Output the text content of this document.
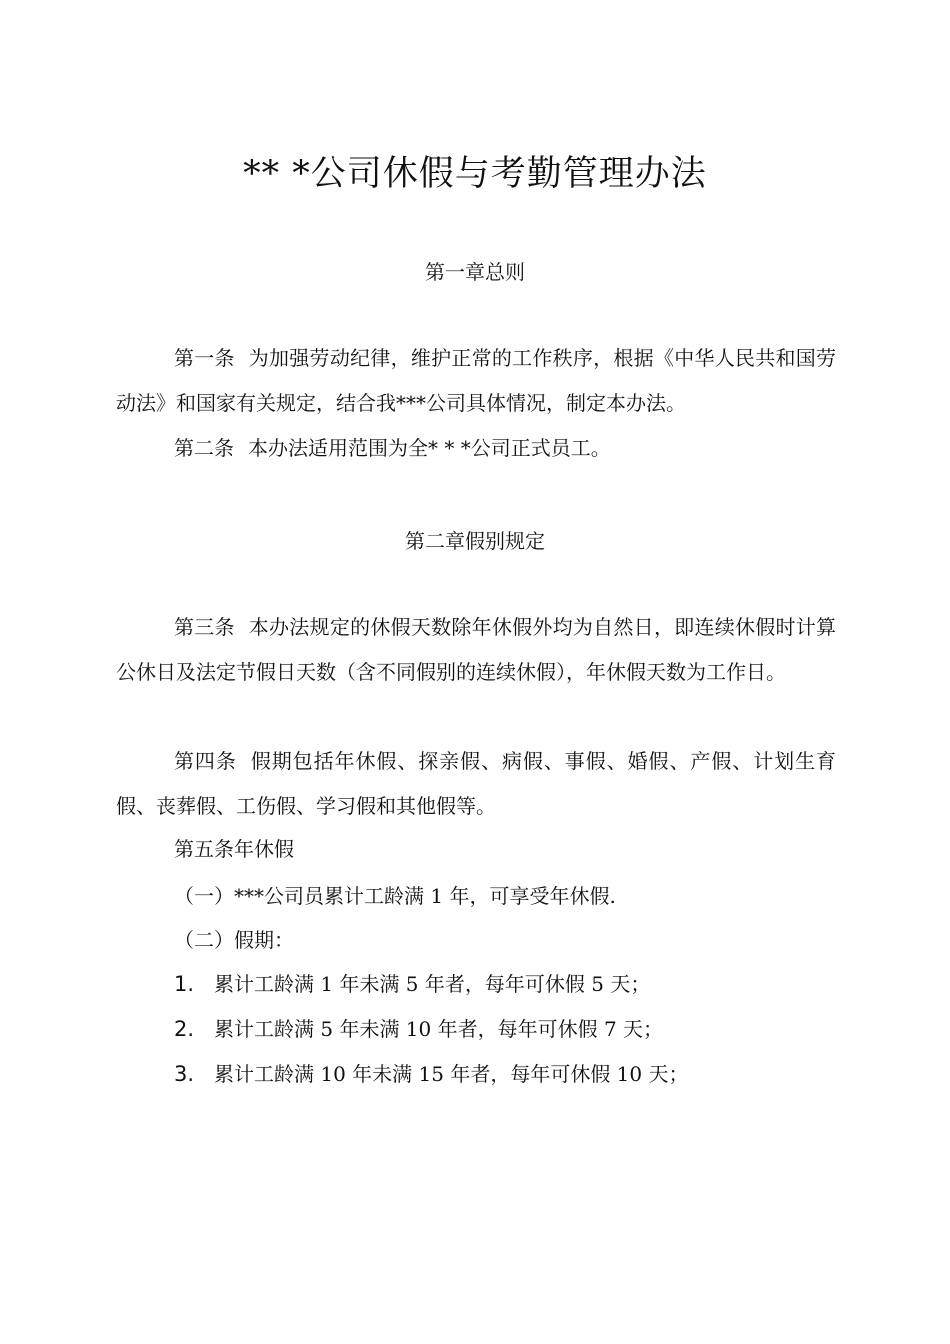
** *公司休假与考勤管理办法
第一章总则
第一条 为加强劳动纪律，维护正常的工作秩序，根据《中华人民共和国劳动法》和国家有关规定，结合我***公司具体情况，制定本办法。
第二条 本办法适用范围为全* * *公司正式员工。
第二章假别规定
第三条 本办法规定的休假天数除年休假外均为自然日，即连续休假时计算公休日及法定节假日天数（含不同假别的连续休假），年休假天数为工作日。
第四条 假期包括年休假、探亲假、病假、事假、婚假、产假、计划生育假、丧葬假、工伤假、学习假和其他假等。
第五条年休假
（一）***公司员累计工龄满 1 年，可享受年休假.
（二）假期：
1. 累计工龄满 1 年未满 5 年者，每年可休假 5 天；
2. 累计工龄满 5 年未满 10 年者，每年可休假 7 天；
3. 累计工龄满 10 年未满 15 年者，每年可休假 10 天；
